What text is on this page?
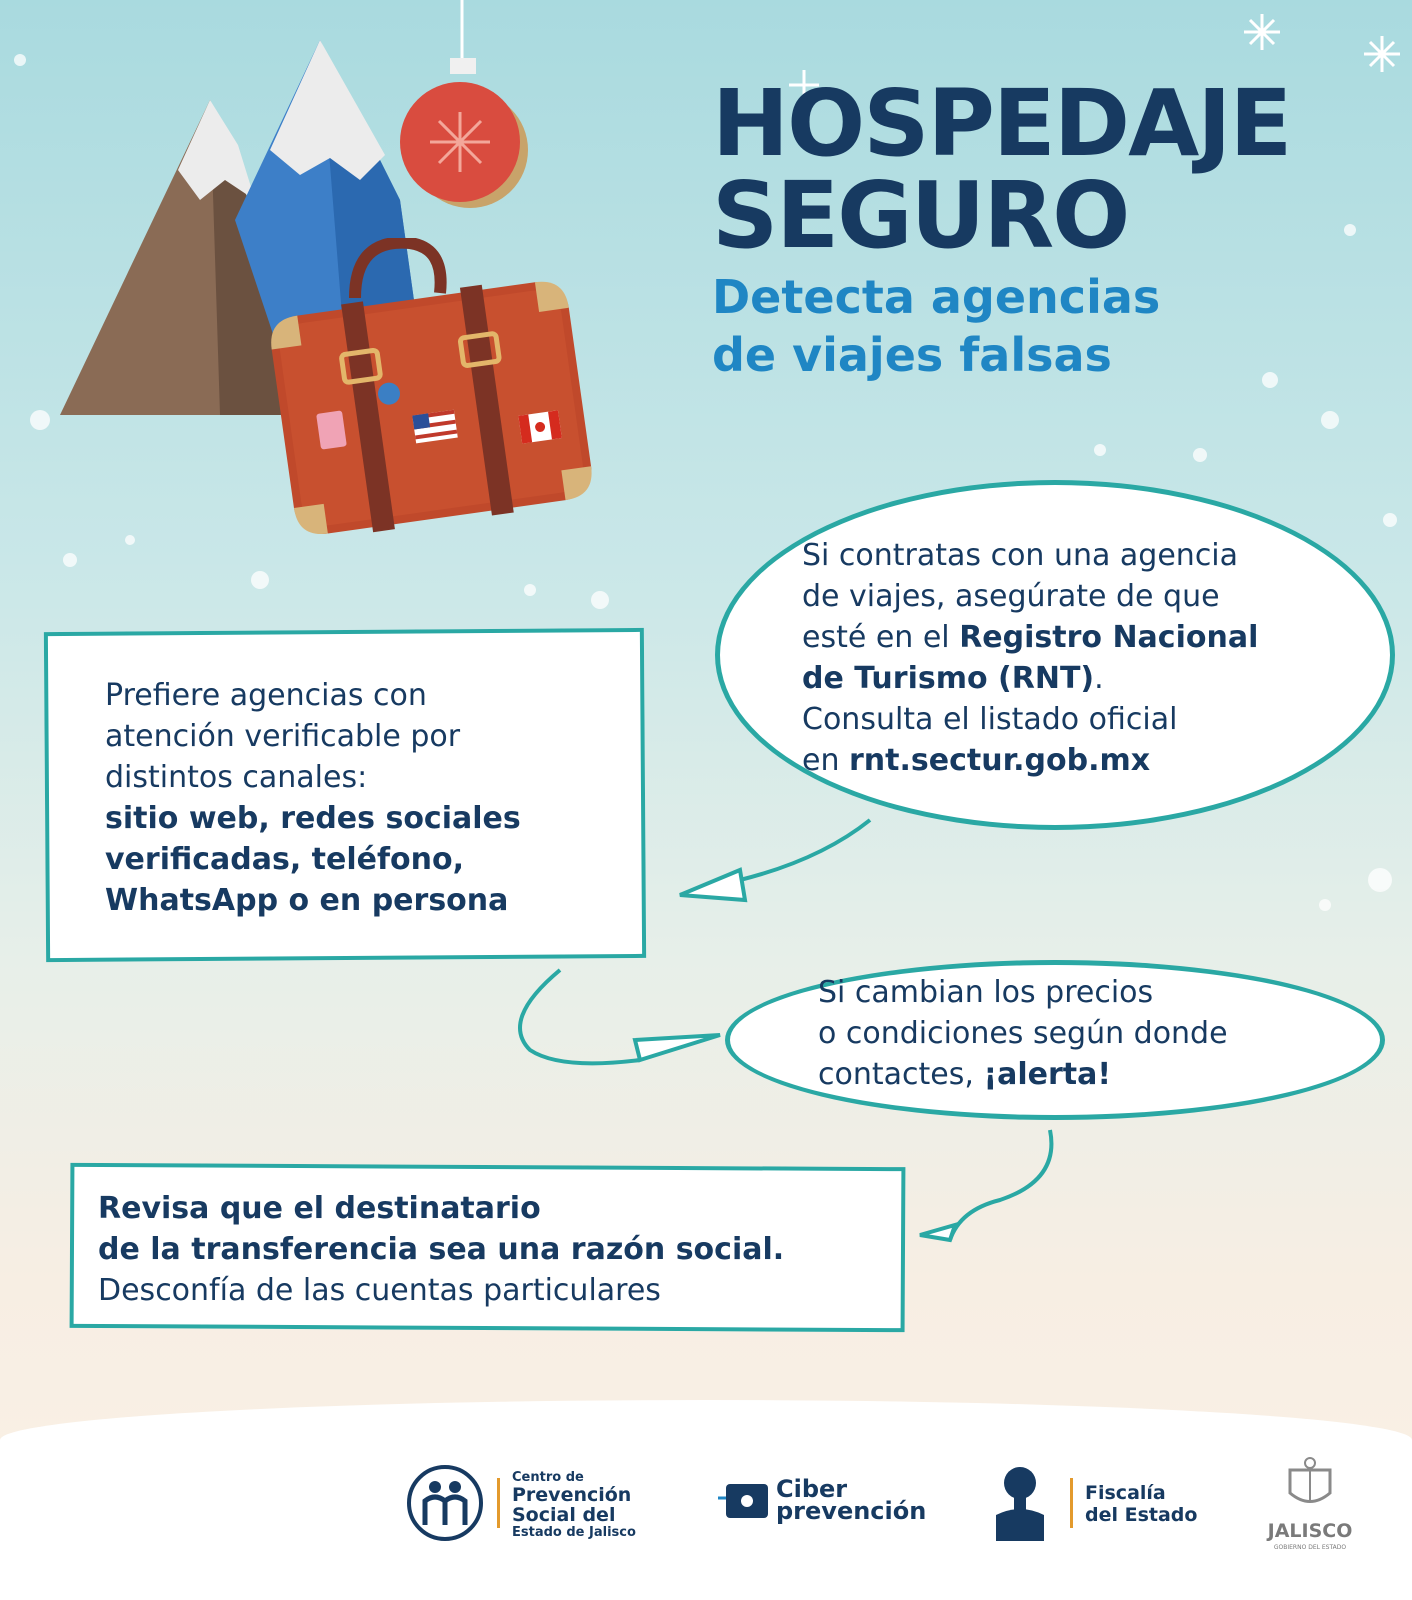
HOSPEDAJE
SEGURO
Detecta agencias
de viajes falsas
Si contratas con una agencia
de viajes, asegúrate de que
esté en el Registro Nacional
de Turismo (RNT).
Consulta el listado oficial
en rnt.sectur.gob.mx
Prefiere agencias con
atención verificable por
distintos canales:
sitio web, redes sociales
verificadas, teléfono,
WhatsApp o en persona
Si cambian los precios
o condiciones según donde
contactes, ¡alerta!
Revisa que el destinatario
de la transferencia sea una razón social.
Desconfía de las cuentas particulares
Centro de
Prevención
Social del
Estado de Jalisco
Ciber
prevención
Fiscalía
del Estado
JALISCO
GOBIERNO DEL ESTADO
